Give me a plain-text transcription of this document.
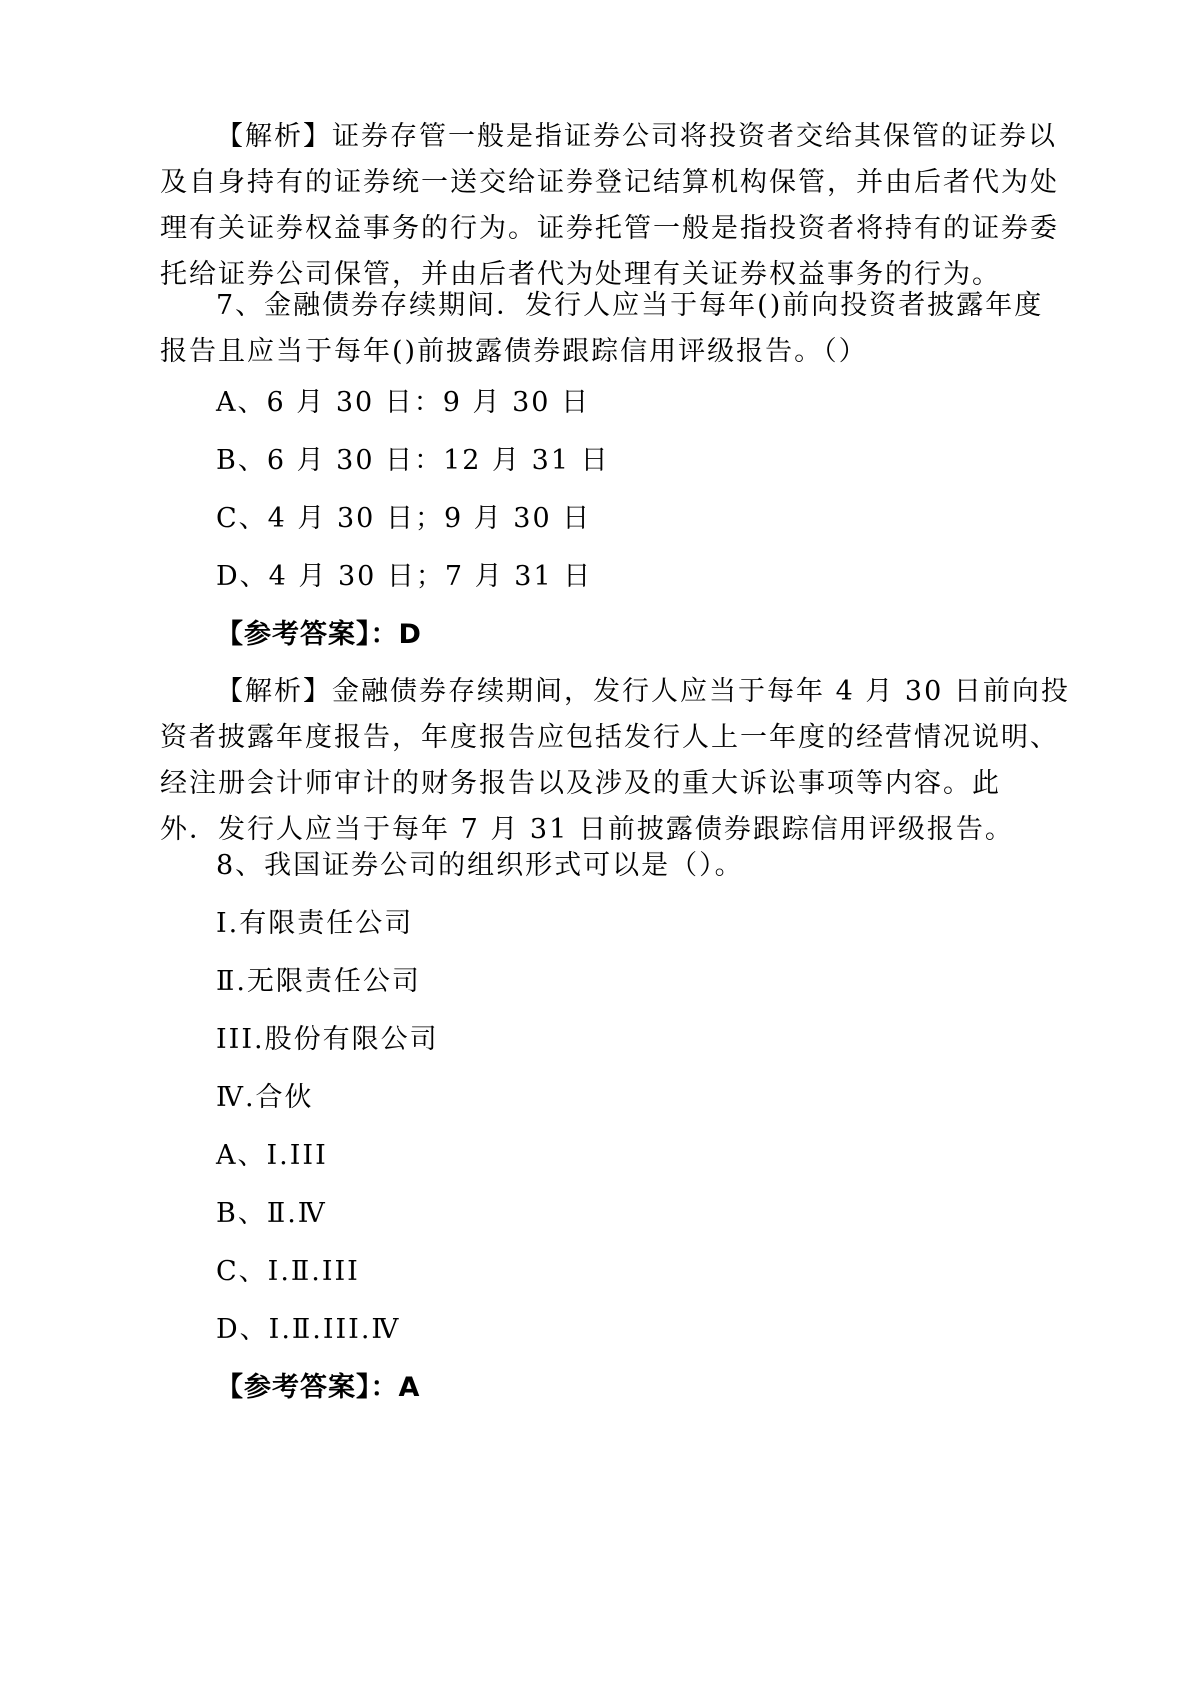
【解析】证券存管一般是指证券公司将投资者交给其保管的证券以
及自身持有的证券统一送交给证券登记结算机构保管，并由后者代为处
理有关证券权益事务的行为。证券托管一般是指投资者将持有的证券委
托给证券公司保管，并由后者代为处理有关证券权益事务的行为。
7、金融债券存续期间．发行人应当于每年()前向投资者披露年度
报告且应当于每年()前披露债券跟踪信用评级报告。（）
A、6 月 30 日：9 月 30 日
B、6 月 30 日：12 月 31 日
C、4 月 30 日；9 月 30 日
D、4 月 30 日；7 月 31 日
【参考答案】：D
【解析】金融债券存续期间，发行人应当于每年 4 月 30 日前向投
资者披露年度报告，年度报告应包括发行人上一年度的经营情况说明、
经注册会计师审计的财务报告以及涉及的重大诉讼事项等内容。此
外．发行人应当于每年 7 月 31 日前披露债券跟踪信用评级报告。
8、我国证券公司的组织形式可以是（）。
Ⅰ.有限责任公司
Ⅱ.无限责任公司
III.股份有限公司
Ⅳ.合伙
A、Ⅰ.III
B、Ⅱ.Ⅳ
C、Ⅰ.Ⅱ.III
D、Ⅰ.Ⅱ.III.Ⅳ
【参考答案】：A
